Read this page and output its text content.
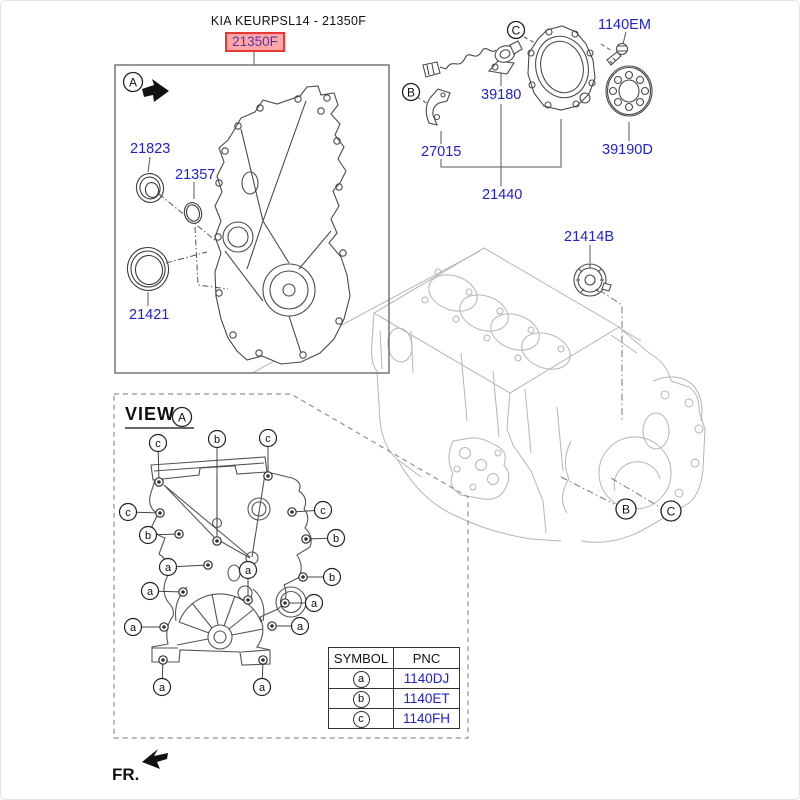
c	b	c
c
b
c
b
b
a
a
a	a
a
a
a	a
A
B
C
A
B	C
KIA KEURPSL14 - 21350F
21350F
21823
21357
21421
1140EM
39180
27015	39190D
21440
21414B
VIEW
FR.
SYMBOL	PNC
a	1140DJ
b	1140ET
c	1140FH
